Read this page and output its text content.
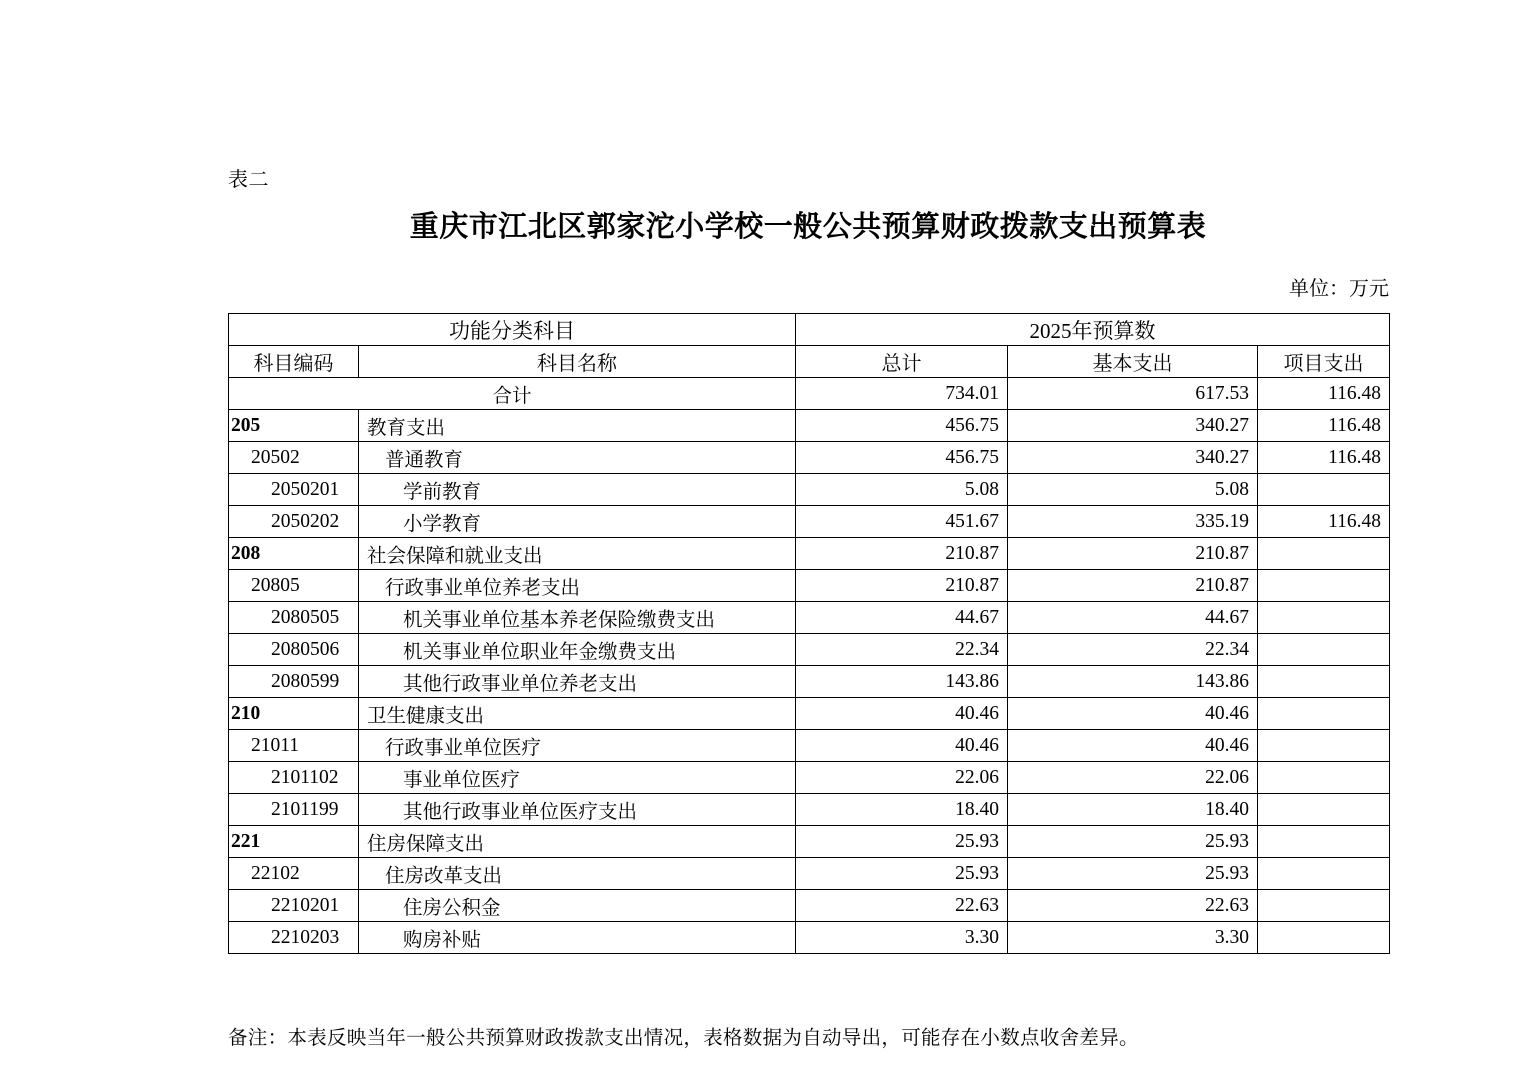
表二
重庆市江北区郭家沱小学校一般公共预算财政拨款支出预算表
单位：万元
功能分类科目		2025年预算数		
科目编码	科目名称	总计	基本支出	项目支出
合计		734.01	617.53	116.48
205	教育支出	456.75	340.27	116.48
20502	普通教育	456.75	340.27	116.48
2050201	学前教育	5.08	5.08	
2050202	小学教育	451.67	335.19	116.48
208	社会保障和就业支出	210.87	210.87	
20805	行政事业单位养老支出	210.87	210.87	
2080505	机关事业单位基本养老保险缴费支出	44.67	44.67	
2080506	机关事业单位职业年金缴费支出	22.34	22.34	
2080599	其他行政事业单位养老支出	143.86	143.86	
210	卫生健康支出	40.46	40.46	
21011	行政事业单位医疗	40.46	40.46	
2101102	事业单位医疗	22.06	22.06	
2101199	其他行政事业单位医疗支出	18.40	18.40	
221	住房保障支出	25.93	25.93	
22102	住房改革支出	25.93	25.93	
2210201	住房公积金	22.63	22.63	
2210203	购房补贴	3.30	3.30	
备注：本表反映当年一般公共预算财政拨款支出情况，表格数据为自动导出，可能存在小数点收舍差异。
